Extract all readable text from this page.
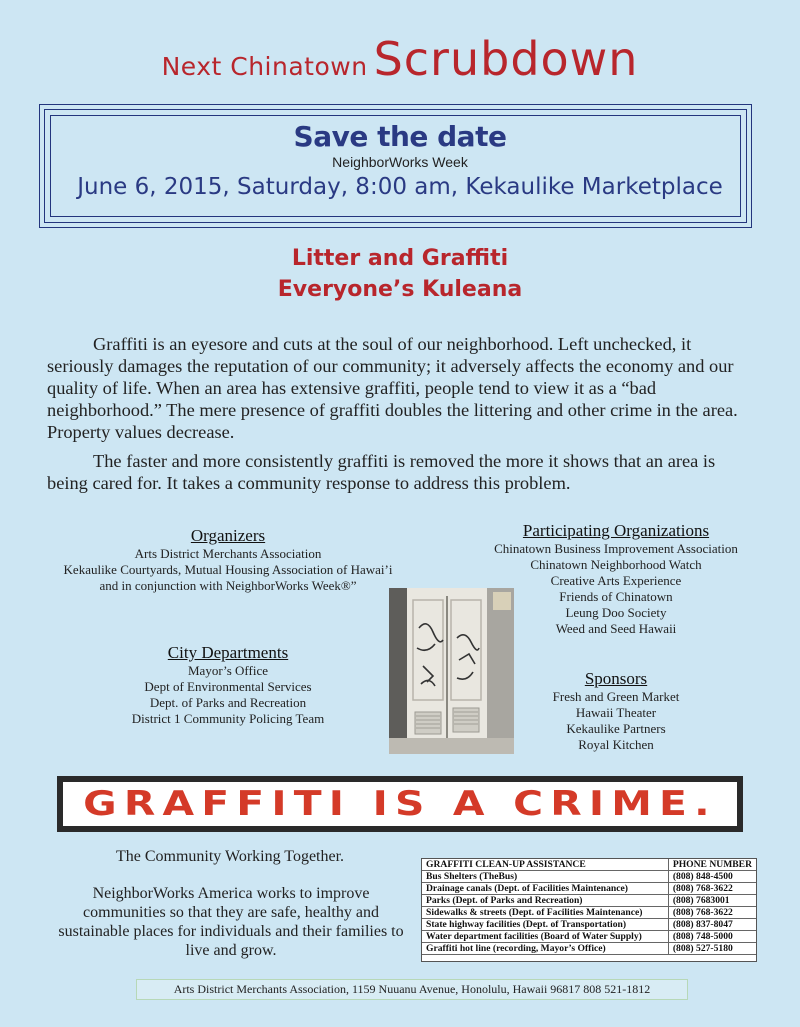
Next Chinatown Scrubdown
Save the date
NeighborWorks Week
June 6, 2015, Saturday, 8:00 am, Kekaulike Marketplace
Litter and Graffiti
Everyone’s Kuleana

Graffiti is an eyesore and cuts at the soul of our neighborhood. Left unchecked, it seriously damages the reputation of our community; it adversely affects the economy and our quality of life. When an area has extensive graffiti, people tend to view it as a “bad neighborhood.” The mere presence of graffiti doubles the littering and other crime in the area. Property values decrease.

The faster and more consistently graffiti is removed the more it shows that an area is being cared for. It takes a community response to address this problem.

Organizers
Arts District Merchants Association
Kekaulike Courtyards, Mutual Housing Association of Hawai’i
and in conjunction with NeighborWorks Week®”
Participating Organizations
Chinatown Business Improvement Association
Chinatown Neighborhood Watch
Creative Arts Experience
Friends of Chinatown
Leung Doo Society
Weed and Seed Hawaii
City Departments
Mayor’s Office
Dept of Environmental Services
Dept. of Parks and Recreation
District 1 Community Policing Team
Sponsors
Fresh and Green Market
Hawaii Theater
Kekaulike Partners
Royal Kitchen
GRAFFITI IS A CRIME.
The Community Working Together.
NeighborWorks America works to improve communities so that they are safe, healthy and sustainable places for individuals and their families to live and grow.
GRAFFITI CLEAN-UP ASSISTANCE	PHONE NUMBER
Bus Shelters (TheBus)	(808) 848-4500
Drainage canals (Dept. of Facilities Maintenance)	(808) 768-3622
Parks (Dept. of Parks and Recreation)	(808) 7683001
Sidewalks & streets (Dept. of Facilities Maintenance)	(808) 768-3622
State highway facilities (Dept. of Transportation)	(808) 837-8047
Water department facilities (Board of Water Supply)	(808) 748-5000
Graffiti hot line (recording, Mayor’s Office)	(808) 527-5180
Arts District Merchants Association, 1159 Nuuanu Avenue, Honolulu, Hawaii 96817 808 521-1812
